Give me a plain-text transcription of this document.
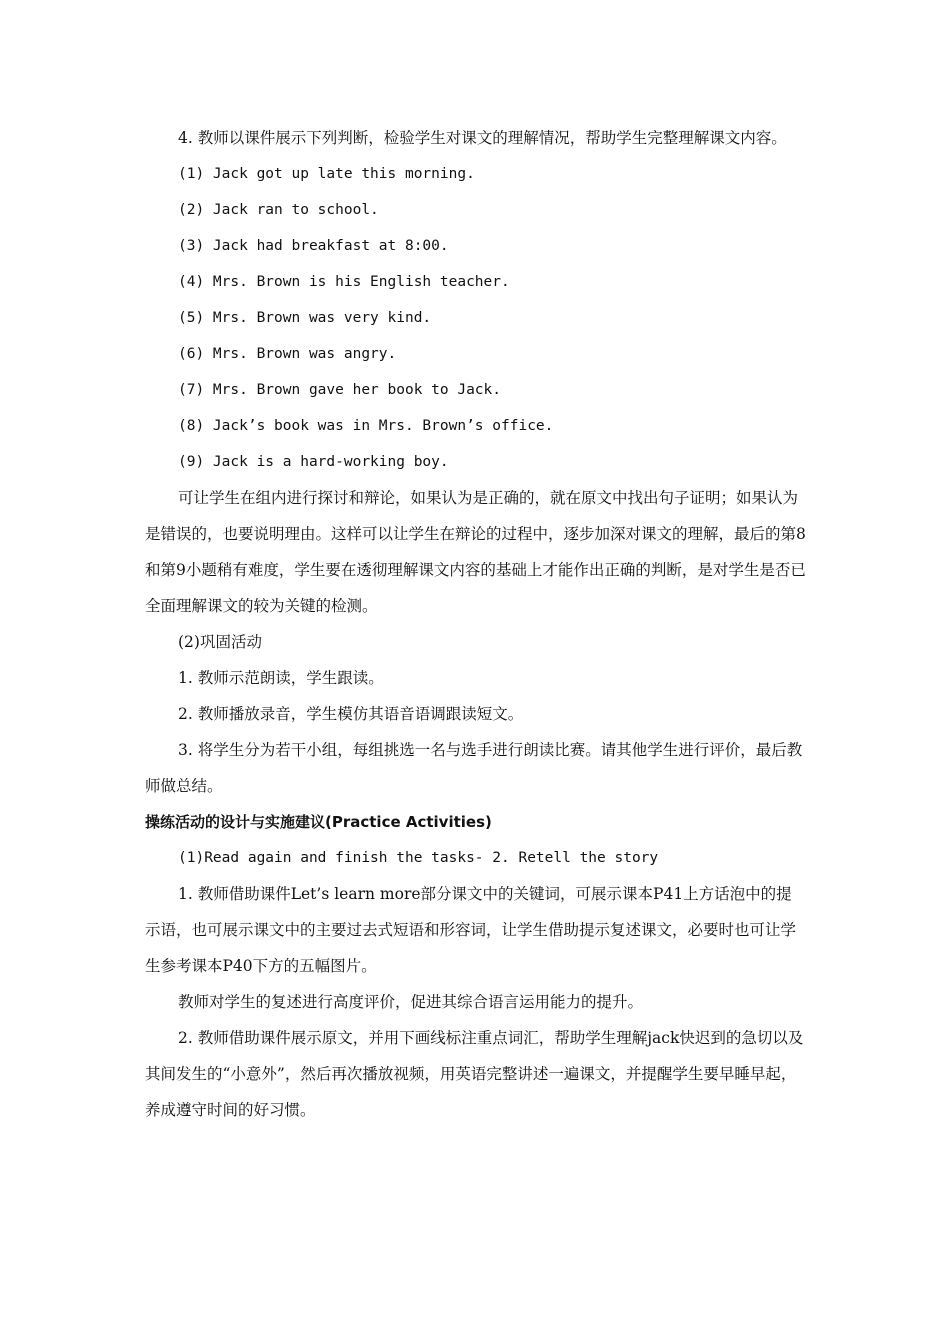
4. 教师以课件展示下列判断，检验学生对课文的理解情况，帮助学生完整理解课文内容。

(1) Jack got up late this morning.

(2) Jack ran to school.

(3) Jack had breakfast at 8:00.

(4) Mrs. Brown is his English teacher.

(5) Mrs. Brown was very kind.

(6) Mrs. Brown was angry.

(7) Mrs. Brown gave her book to Jack.

(8) Jack’s book was in Mrs. Brown’s office.

(9) Jack is a hard-working boy.

可让学生在组内进行探讨和辩论，如果认为是正确的，就在原文中找出句子证明；如果认为是错误的，也要说明理由。这样可以让学生在辩论的过程中，逐步加深对课文的理解，最后的第8和第9小题稍有难度，学生要在透彻理解课文内容的基础上才能作出正确的判断，是对学生是否已全面理解课文的较为关键的检测。

(2)巩固活动

1. 教师示范朗读，学生跟读。

2. 教师播放录音，学生模仿其语音语调跟读短文。

3. 将学生分为若干小组，每组挑选一名与选手进行朗读比赛。请其他学生进行评价，最后教师做总结。

操练活动的设计与实施建议(Practice Activities)

(1)Read again and finish the tasks- 2. Retell the story

1. 教师借助课件Let’s learn more部分课文中的关键词，可展示课本P41上方话泡中的提示语，也可展示课文中的主要过去式短语和形容词，让学生借助提示复述课文，必要时也可让学生参考课本P40下方的五幅图片。

教师对学生的复述进行高度评价，促进其综合语言运用能力的提升。

2. 教师借助课件展示原文，并用下画线标注重点词汇，帮助学生理解jack快迟到的急切以及其间发生的“小意外”，然后再次播放视频，用英语完整讲述一遍课文，并提醒学生要早睡早起，养成遵守时间的好习惯。
